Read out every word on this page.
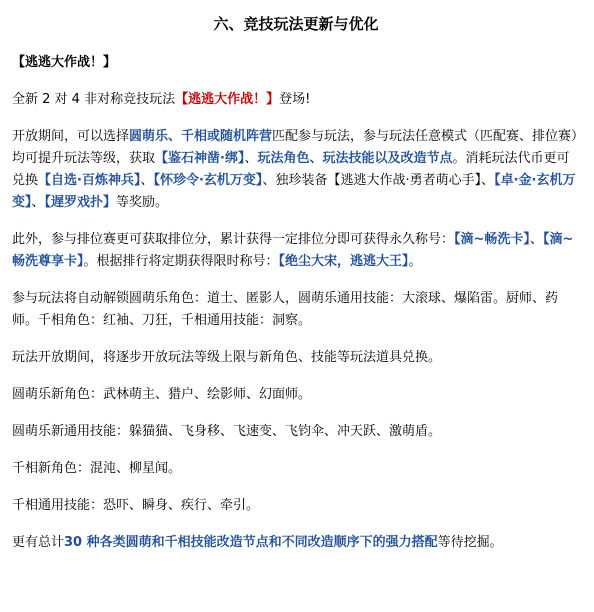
六、竞技玩法更新与优化

【逃逃大作战！】

全新 2 对 4 非对称竞技玩法【逃逃大作战！】登场!

开放期间，可以选择圆萌乐、千相或随机阵营匹配参与玩法，参与玩法任意模式（匹配赛、排位赛）均可提升玩法等级，获取【鉴石神凿·绑】、玩法角色、玩法技能以及改造节点。消耗玩法代币更可兑换【自选·百炼神兵】、【怀珍令·玄机万变】、独珍装备【逃逃大作战·勇者萌心手】、【卓·金·玄机万变】、【遅罗戏扑】等奖励。

此外，参与排位赛更可获取排位分，累计获得一定排位分即可获得永久称号：【滴~畅洗卡】、【滴~畅洗尊享卡】。根据排行将定期获得限时称号：【绝尘大宋，逃逃大王】。

参与玩法将自动解锁圆萌乐角色：道士、匿影人，圆萌乐通用技能：大滚球、爆陷雷。厨师、药师。千相角色：红袖、刀狂，千相通用技能：洞察。

玩法开放期间，将逐步开放玩法等级上限与新角色、技能等玩法道具兑换。

圆萌乐新角色：武林萌主、猎户、绘影师、幻面师。

圆萌乐新通用技能：躲猫猫、飞身移、飞速变、飞钧伞、冲天跃、激萌盾。

千相新角色：混沌、柳星闻。

千相通用技能：恐吓、瞬身、疾行、牵引。

更有总计30 种各类圆萌和千相技能改造节点和不同改造顺序下的强力搭配等待挖掘。
